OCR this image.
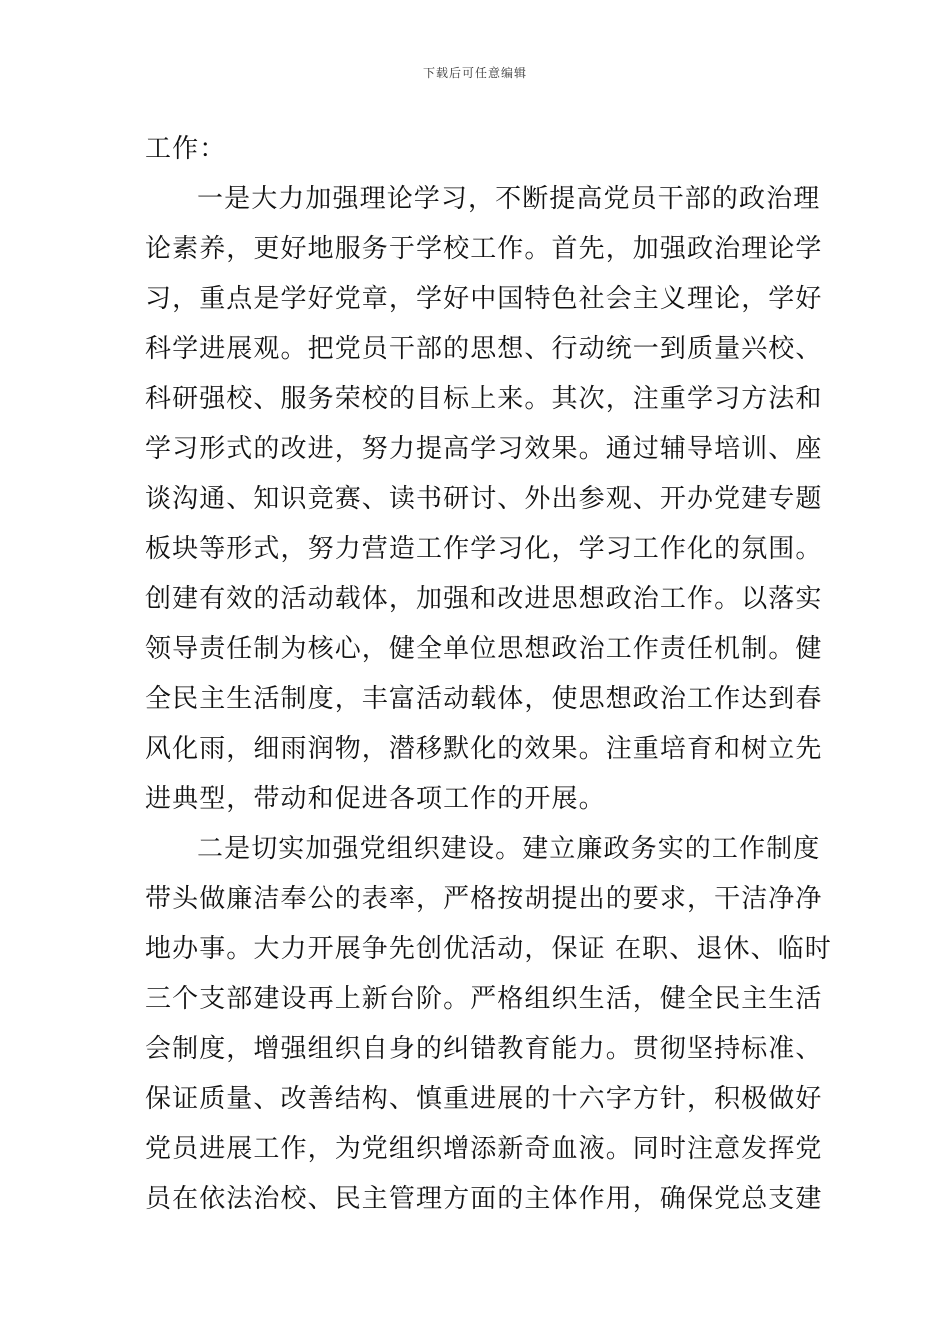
下载后可任意编辑
工作：
一是大力加强理论学习，不断提高党员干部的政治理
论素养，更好地服务于学校工作。首先，加强政治理论学
习，重点是学好党章，学好中国特色社会主义理论，学好
科学进展观。把党员干部的思想、行动统一到质量兴校、
科研强校、服务荣校的目标上来。其次，注重学习方法和
学习形式的改进，努力提高学习效果。通过辅导培训、座
谈沟通、知识竞赛、读书研讨、外出参观、开办党建专题
板块等形式，努力营造工作学习化，学习工作化的氛围。
创建有效的活动载体，加强和改进思想政治工作。以落实
领导责任制为核心，健全单位思想政治工作责任机制。健
全民主生活制度，丰富活动载体，使思想政治工作达到春
风化雨，细雨润物，潜移默化的效果。注重培育和树立先
进典型，带动和促进各项工作的开展。
二是切实加强党组织建设。建立廉政务实的工作制度
带头做廉洁奉公的表率，严格按胡提出的要求，干洁净净
地办事。大力开展争先创优活动，保证 在职、退休、临时
三个支部建设再上新台阶。严格组织生活，健全民主生活
会制度，增强组织自身的纠错教育能力。贯彻坚持标准、
保证质量、改善结构、慎重进展的十六字方针，积极做好
党员进展工作，为党组织增添新奇血液。同时注意发挥党
员在依法治校、民主管理方面的主体作用，确保党总支建
